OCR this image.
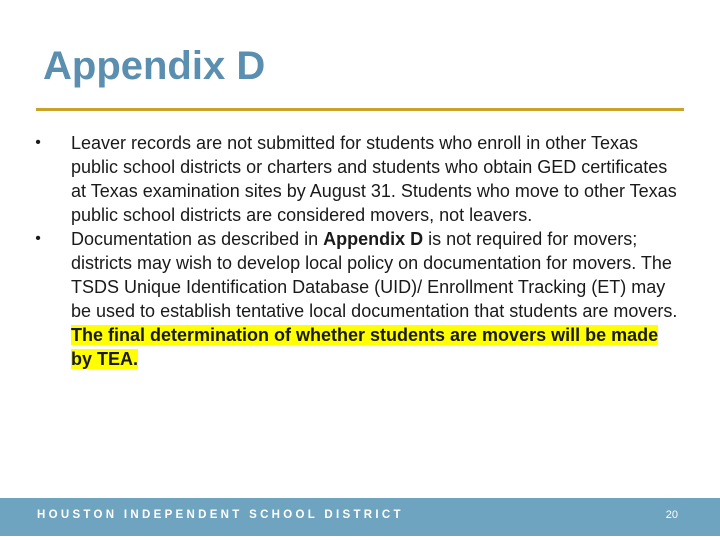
Appendix D
• Leaver records are not submitted for students who enroll in other Texas public school districts or charters and students who obtain GED certificates at Texas examination sites by August 31. Students who move to other Texas public school districts are considered movers, not leavers.
• Documentation as described in Appendix D is not required for movers; districts may wish to develop local policy on documentation for movers. The TSDS Unique Identification Database (UID)/ Enrollment Tracking (ET) may be used to establish tentative local documentation that students are movers. The final determination of whether students are movers will be made by TEA.
HOUSTON INDEPENDENT SCHOOL DISTRICT	20
